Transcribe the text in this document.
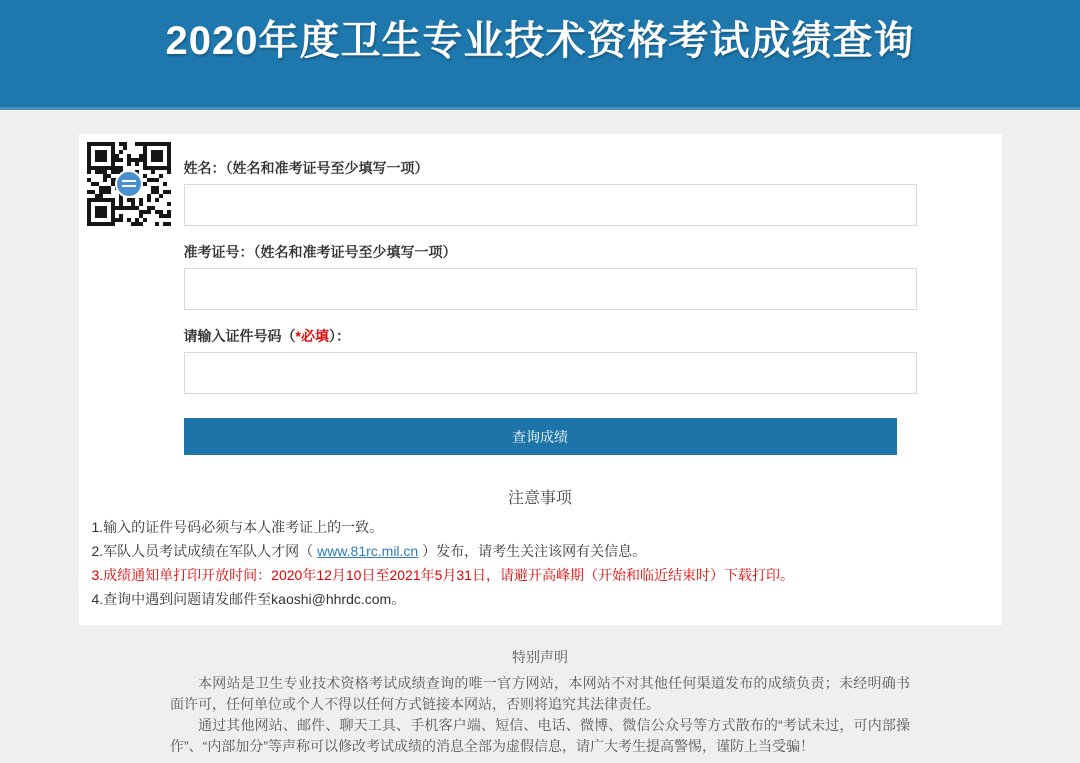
2020年度卫生专业技术资格考试成绩查询
姓名：（姓名和准考证号至少填写一项）
准考证号：（姓名和准考证号至少填写一项）
请输入证件号码（*必填）：
查询成绩
注意事项
1.输入的证件号码必须与本人准考证上的一致。
2.军队人员考试成绩在军队人才网（ www.81rc.mil.cn ）发布，请考生关注该网有关信息。
3.成绩通知单打印开放时间：2020年12月10日至2021年5月31日，请避开高峰期（开始和临近结束时）下载打印。
4.查询中遇到问题请发邮件至kaoshi@hhrdc.com。
特别声明

本网站是卫生专业技术资格考试成绩查询的唯一官方网站，本网站不对其他任何渠道发布的成绩负责；未经明确书面许可，任何单位或个人不得以任何方式链接本网站，否则将追究其法律责任。

通过其他网站、邮件、聊天工具、手机客户端、短信、电话、微博、微信公众号等方式散布的“考试未过，可内部操作”、“内部加分”等声称可以修改考试成绩的消息全部为虚假信息，请广大考生提高警惕，谨防上当受骗！
